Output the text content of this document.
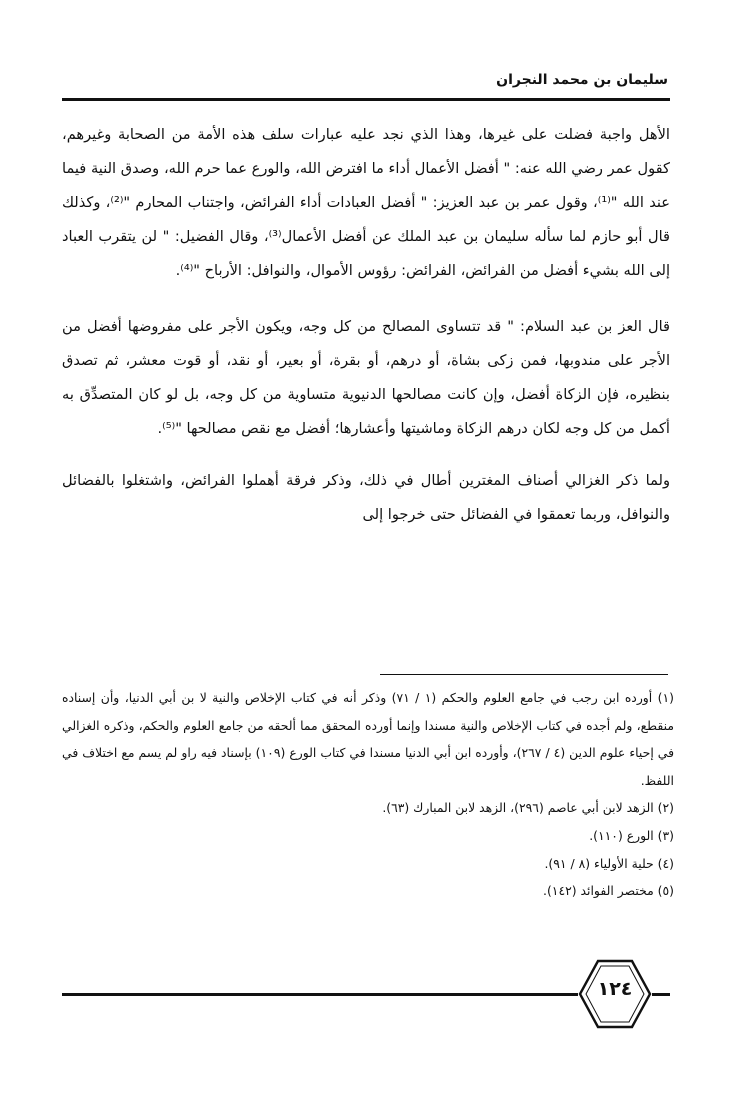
سليمان بن محمد النجران

الأهل واجبة فضلت على غيرها، وهذا الذي نجد عليه عبارات سلف هذه الأمة من الصحابة وغيرهم، كقول عمر رضي الله عنه: " أفضل الأعمال أداء ما افترض الله، والورع عما حرم الله، وصدق النية فيما عند الله "⁽¹⁾، وقول عمر بن عبد العزيز: " أفضل العبادات أداء الفرائض، واجتناب المحارم "⁽²⁾، وكذلك قال أبو حازم لما سأله سليمان بن عبد الملك عن أفضل الأعمال⁽³⁾، وقال الفضيل: " لن يتقرب العباد إلى الله بشيء أفضل من الفرائض، الفرائض: رؤوس الأموال، والنوافل: الأرباح "⁽⁴⁾.

قال العز بن عبد السلام: " قد تتساوى المصالح من كل وجه، ويكون الأجر على مفروضها أفضل من الأجر على مندوبها، فمن زكى بشاة، أو درهم، أو بقرة، أو بعير، أو نقد، أو قوت معشر، ثم تصدق بنظيره، فإن الزكاة أفضل، وإن كانت مصالحها الدنيوية متساوية من كل وجه، بل لو كان المتصدِّق به أكمل من كل وجه لكان درهم الزكاة وماشيتها وأعشارها؛ أفضل مع نقص مصالحها "⁽⁵⁾.

ولما ذكر الغزالي أصناف المغترين أطال في ذلك، وذكر فرقة أهملوا الفرائض، واشتغلوا بالفضائل والنوافل، وربما تعمقوا في الفضائل حتى خرجوا إلى

(١) أورده ابن رجب في جامع العلوم والحكم (١ / ٧١) وذكر أنه في كتاب الإخلاص والنية لا بن أبي الدنيا، وأن إسناده منقطع، ولم أجده في كتاب الإخلاص والنية مسندا وإنما أورده المحقق مما ألحقه من جامع العلوم والحكم، وذكره الغزالي في إحياء علوم الدين (٤ / ٢٦٧)، وأورده ابن أبي الدنيا مسندا في كتاب الورع (١٠٩) بإسناد فيه راو لم يسم مع اختلاف في اللفظ.

(٢) الزهد لابن أبي عاصم (٢٩٦)، الزهد لابن المبارك (٦٣).

(٣) الورع (١١٠).

(٤) حلية الأولياء (٨ / ٩١).

(٥) مختصر الفوائد (١٤٢).

١٢٤
